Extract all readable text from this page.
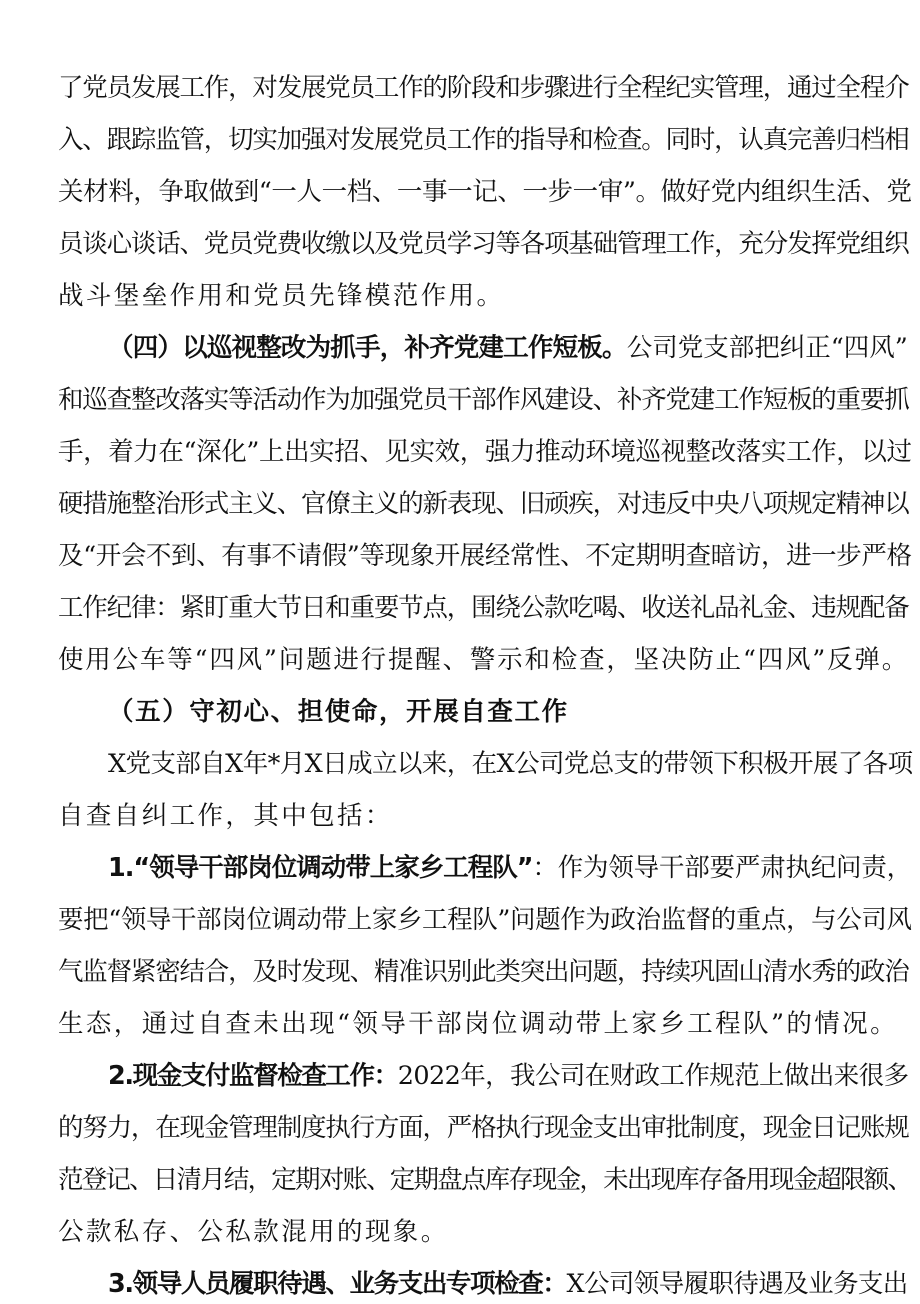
了党员发展工作，对发展党员工作的阶段和步骤进行全程纪实管理，通过全程介
入、跟踪监管，切实加强对发展党员工作的指导和检查。同时，认真完善归档相
关材料，争取做到“一人一档、一事一记、一步一审”。做好党内组织生活、党
员谈心谈话、党员党费收缴以及党员学习等各项基础管理工作，充分发挥党组织
战斗堡垒作用和党员先锋模范作用。
（四）以巡视整改为抓手，补齐党建工作短板。公司党支部把纠正“四风”
和巡查整改落实等活动作为加强党员干部作风建设、补齐党建工作短板的重要抓
手，着力在“深化”上出实招、见实效，强力推动环境巡视整改落实工作，以过
硬措施整治形式主义、官僚主义的新表现、旧顽疾，对违反中央八项规定精神以
及“开会不到、有事不请假”等现象开展经常性、不定期明查暗访，进一步严格
工作纪律：紧盯重大节日和重要节点，围绕公款吃喝、收送礼品礼金、违规配备
使用公车等“四风”问题进行提醒、警示和检查，坚决防止“四风”反弹。
（五）守初心、担使命，开展自查工作
X党支部自X年*月X日成立以来，在X公司党总支的带领下积极开展了各项
自查自纠工作，其中包括：
1.“领导干部岗位调动带上家乡工程队”：作为领导干部要严肃执纪问责，
要把“领导干部岗位调动带上家乡工程队”问题作为政治监督的重点，与公司风
气监督紧密结合，及时发现、精准识别此类突出问题，持续巩固山清水秀的政治
生态，通过自查未出现“领导干部岗位调动带上家乡工程队”的情况。
2.现金支付监督检查工作：2022年，我公司在财政工作规范上做出来很多
的努力，在现金管理制度执行方面，严格执行现金支出审批制度，现金日记账规
范登记、日清月结，定期对账、定期盘点库存现金，未出现库存备用现金超限额、
公款私存、公私款混用的现象。
3.领导人员履职待遇、业务支出专项检查：X公司领导履职待遇及业务支出
